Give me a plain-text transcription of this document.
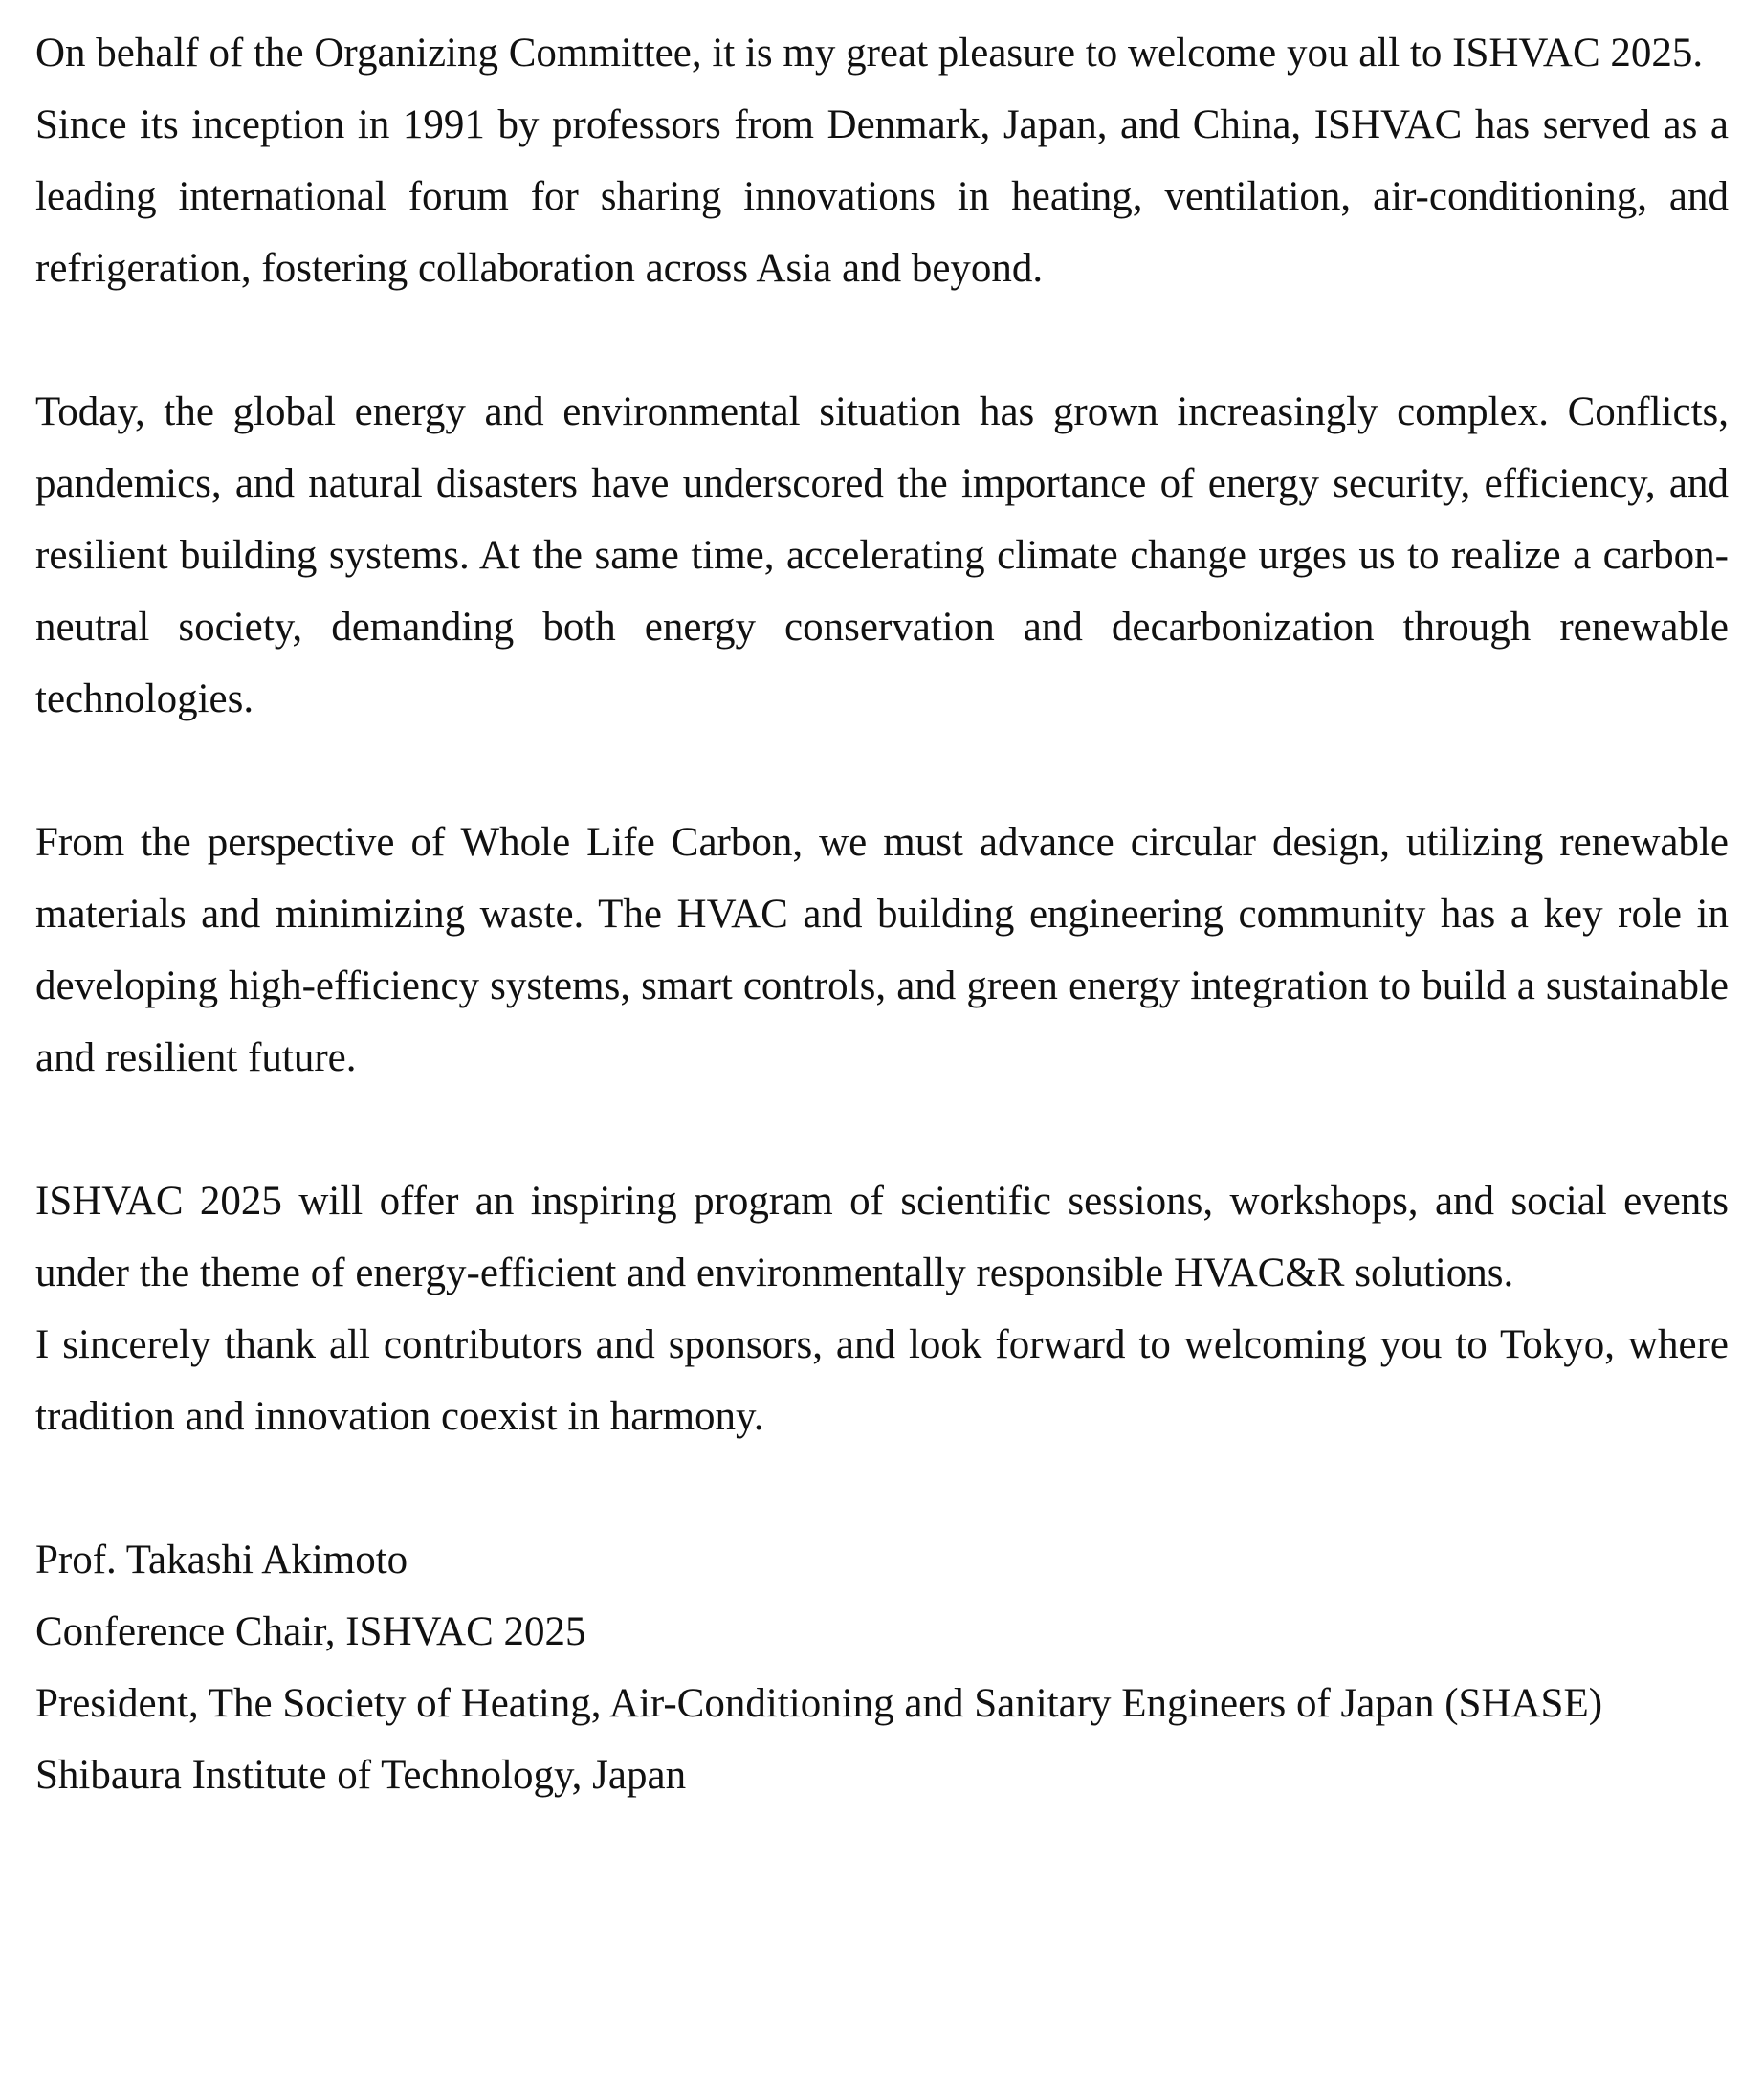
On behalf of the Organizing Committee, it is my great pleasure to welcome you all to ISHVAC 2025.

Since its inception in 1991 by professors from Denmark, Japan, and China, ISHVAC has served as a leading international forum for sharing innovations in heating, ventilation, air-conditioning, and refrigeration, fostering collaboration across Asia and beyond.

Today, the global energy and environmental situation has grown increasingly complex. Conflicts, pandemics, and natural disasters have underscored the importance of energy security, efficiency, and resilient building systems. At the same time, accelerating climate change urges us to realize a carbon-neutral society, demanding both energy conservation and decarbonization through renewable technologies.

From the perspective of Whole Life Carbon, we must advance circular design, utilizing renewable materials and minimizing waste. The HVAC and building engineering community has a key role in developing high-efficiency systems, smart controls, and green energy integration to build a sustainable and resilient future.

ISHVAC 2025 will offer an inspiring program of scientific sessions, workshops, and social events under the theme of energy-efficient and environmentally responsible HVAC&R solutions.

I sincerely thank all contributors and sponsors, and look forward to welcoming you to Tokyo, where tradition and innovation coexist in harmony.

Prof. Takashi Akimoto

Conference Chair, ISHVAC 2025

President, The Society of Heating, Air-Conditioning and Sanitary Engineers of Japan (SHASE)

Shibaura Institute of Technology, Japan
